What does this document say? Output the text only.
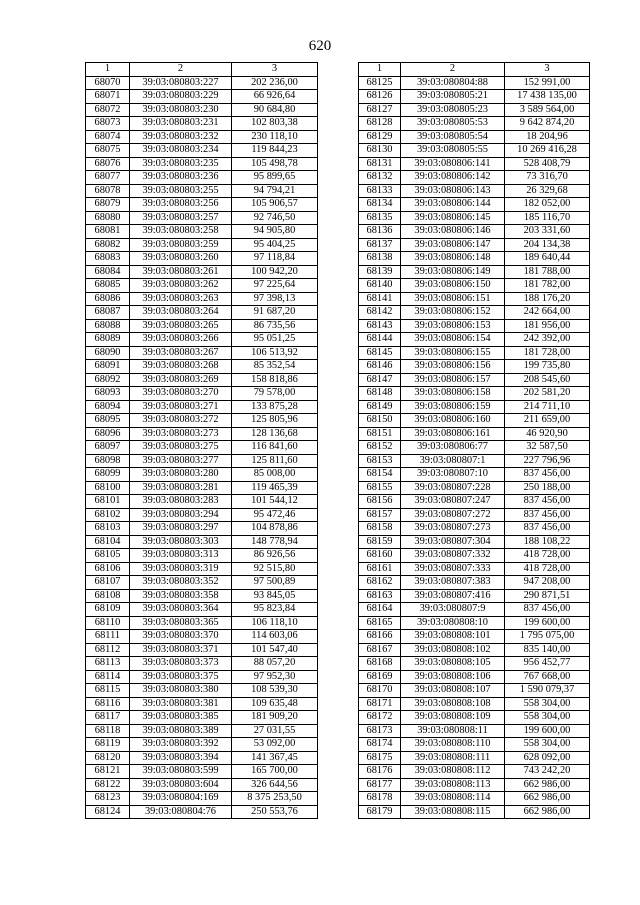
620
1	2	3
68070	39:03:080803:227	202 236,00
68071	39:03:080803:229	66 926,64
68072	39:03:080803:230	90 684,80
68073	39:03:080803:231	102 803,38
68074	39:03:080803:232	230 118,10
68075	39:03:080803:234	119 844,23
68076	39:03:080803:235	105 498,78
68077	39:03:080803:236	95 899,65
68078	39:03:080803:255	94 794,21
68079	39:03:080803:256	105 906,57
68080	39:03:080803:257	92 746,50
68081	39:03:080803:258	94 905,80
68082	39:03:080803:259	95 404,25
68083	39:03:080803:260	97 118,84
68084	39:03:080803:261	100 942,20
68085	39:03:080803:262	97 225,64
68086	39:03:080803:263	97 398,13
68087	39:03:080803:264	91 687,20
68088	39:03:080803:265	86 735,56
68089	39:03:080803:266	95 051,25
68090	39:03:080803:267	106 513,92
68091	39:03:080803:268	85 352,54
68092	39:03:080803:269	158 818,86
68093	39:03:080803:270	79 578,00
68094	39:03:080803:271	133 875,28
68095	39:03:080803:272	125 805,96
68096	39:03:080803:273	128 136,68
68097	39:03:080803:275	116 841,60
68098	39:03:080803:277	125 811,60
68099	39:03:080803:280	85 008,00
68100	39:03:080803:281	119 465,39
68101	39:03:080803:283	101 544,12
68102	39:03:080803:294	95 472,46
68103	39:03:080803:297	104 878,86
68104	39:03:080803:303	148 778,94
68105	39:03:080803:313	86 926,56
68106	39:03:080803:319	92 515,80
68107	39:03:080803:352	97 500,89
68108	39:03:080803:358	93 845,05
68109	39:03:080803:364	95 823,84
68110	39:03:080803:365	106 118,10
68111	39:03:080803:370	114 603,06
68112	39:03:080803:371	101 547,40
68113	39:03:080803:373	88 057,20
68114	39:03:080803:375	97 952,30
68115	39:03:080803:380	108 539,30
68116	39:03:080803:381	109 635,48
68117	39:03:080803:385	181 909,20
68118	39:03:080803:389	27 031,55
68119	39:03:080803:392	53 092,00
68120	39:03:080803:394	141 367,45
68121	39:03:080803:599	165 700,00
68122	39:03:080803:604	326 644,56
68123	39:03:080804:169	8 375 253,50
68124	39:03:080804:76	250 553,76
1	2	3
68125	39:03:080804:88	152 991,00
68126	39:03:080805:21	17 438 135,00
68127	39:03:080805:23	3 589 564,00
68128	39:03:080805:53	9 642 874,20
68129	39:03:080805:54	18 204,96
68130	39:03:080805:55	10 269 416,28
68131	39:03:080806:141	528 408,79
68132	39:03:080806:142	73 316,70
68133	39:03:080806:143	26 329,68
68134	39:03:080806:144	182 052,00
68135	39:03:080806:145	185 116,70
68136	39:03:080806:146	203 331,60
68137	39:03:080806:147	204 134,38
68138	39:03:080806:148	189 640,44
68139	39:03:080806:149	181 788,00
68140	39:03:080806:150	181 782,00
68141	39:03:080806:151	188 176,20
68142	39:03:080806:152	242 664,00
68143	39:03:080806:153	181 956,00
68144	39:03:080806:154	242 392,00
68145	39:03:080806:155	181 728,00
68146	39:03:080806:156	199 735,80
68147	39:03:080806:157	208 545,60
68148	39:03:080806:158	202 581,20
68149	39:03:080806:159	214 711,10
68150	39:03:080806:160	211 659,00
68151	39:03:080806:161	46 920,90
68152	39:03:080806:77	32 587,50
68153	39:03:080807:1	227 796,96
68154	39:03:080807:10	837 456,00
68155	39:03:080807:228	250 188,00
68156	39:03:080807:247	837 456,00
68157	39:03:080807:272	837 456,00
68158	39:03:080807:273	837 456,00
68159	39:03:080807:304	188 108,22
68160	39:03:080807:332	418 728,00
68161	39:03:080807:333	418 728,00
68162	39:03:080807:383	947 208,00
68163	39:03:080807:416	290 871,51
68164	39:03:080807:9	837 456,00
68165	39:03:080808:10	199 600,00
68166	39:03:080808:101	1 795 075,00
68167	39:03:080808:102	835 140,00
68168	39:03:080808:105	956 452,77
68169	39:03:080808:106	767 668,00
68170	39:03:080808:107	1 590 079,37
68171	39:03:080808:108	558 304,00
68172	39:03:080808:109	558 304,00
68173	39:03:080808:11	199 600,00
68174	39:03:080808:110	558 304,00
68175	39:03:080808:111	628 092,00
68176	39:03:080808:112	743 242,20
68177	39:03:080808:113	662 986,00
68178	39:03:080808:114	662 986,00
68179	39:03:080808:115	662 986,00
